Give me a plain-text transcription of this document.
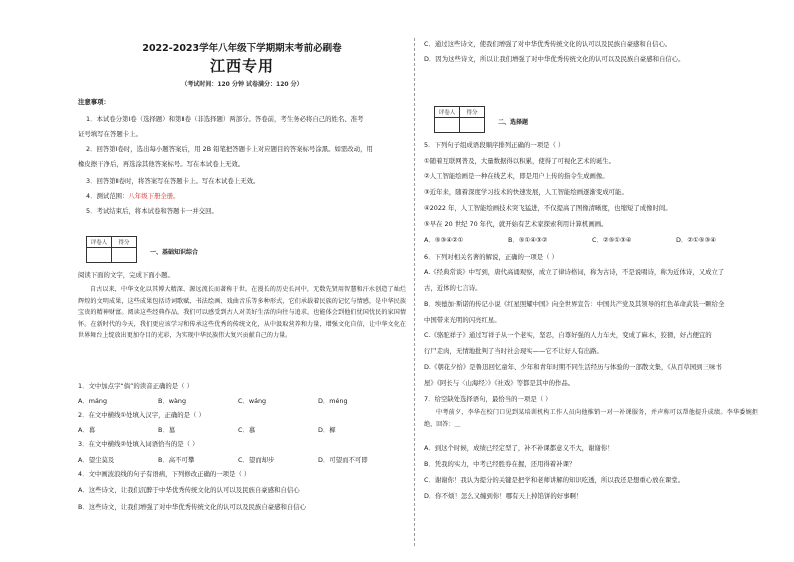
2022-2023学年八年级下学期期末考前必刷卷
江西专用
（考试时间：120 分钟 试卷满分：120 分）
注意事项：
1．本试卷分第Ⅰ卷（选择题）和第Ⅱ卷（非选择题）两部分。答卷前，考生务必将自己的姓名、准考
证号填写在答题卡上。
2．回答第Ⅰ卷时，选出每小题答案后，用 2B 铅笔把答题卡上对应题目的答案标号涂黑。如需改动，用
橡皮擦干净后，再选涂其他答案标号。写在本试卷上无效。
3．回答第Ⅱ卷时，将答案写在答题卡上。写在本试卷上无效。
4．测试范围：八年级下册全册。
5．考试结束后，将本试卷和答题卡一并交回。
评卷人	得分

一、基础知识综合
阅读下面的文字，完成下面小题。
自古以来，中华文化以其博大精深、源远流长而著称于世。在漫长的历史长河中，无数先贤用智慧和汗水创造了灿烂辉煌的文明成果，这些成果包括诗词歌赋、书法绘画、戏曲音乐等多种形式，它们承载着民族的记忆与情感，是中华民族宝贵的精神财富。阅读这些经典作品，我们可以感受到古人对美好生活的向往与追求，也能体会到他们忧国忧民的家国情怀。在新时代的今天，我们更应该学习和传承这些优秀的传统文化，从中汲取营养和力量，增强文化自信，让中华文化在世界舞台上绽放出更加夺目的光彩，为实现中华民族伟大复兴贡献自己的力量。
1．文中加点字“倘”的读音正确的是（ ）
A．máng	B．wàng	C．wáng	D．méng
2．在文中横线①处填入汉字，正确的是（ ）
A．暮	B．墓	C．慕	D．樨
3．在文中横线②处填入词语恰当的是（ ）
A．望尘莫及	B．高不可攀	C．望而却步	D．可望而不可即
4．文中画波浪线的句子有语病，下列修改正确的一项是（ ）
A．这些诗文，让我们沉醉于中华优秀传统文化的认可以及民族自豪感和自信心
B．这些诗文，让我们增强了对中华优秀传统文化的认可以及民族自豪感和自信心
C．通过这些诗文，使我们增强了对中华优秀传统文化的认可以及民族自豪感和自信心。
D．因为这些诗文，所以让我们增强了对中华优秀传统文化的认可以及民族自豪感和自信心。
评卷人	得分

二、选择题
5．下列句子组成语段顺序排列正确的一项是（ ）
①随着互联网普及，大量数据得以积累，使得了可视化艺术的诞生。
②人工智能绘画是一种在线艺术，即是用户上传的指令生成画像。
③近年来，随着深度学习技术的快速发展，人工智能绘画逐渐变成可能。
④2022 年，人工智能绘画技术突飞猛进，不仅提高了图像清晰度，也缩短了成像时间。
⑤早在 20 世纪 70 年代，就开始有艺术家探索利用计算机画画。
A．⑤③④②①	B．⑤①④③②	C．②⑤①③④	D．②①⑤③④
6．下列对相关名著的解说，正确的一项是（ ）
A.《经典常谈》中写到，唐代高诵观察，成立了律诗格词，称为古诗，不是说唱诗，称为近体诗，又成立了
古，近体的七言诗。
B．埃德加·斯诺的传记小说《红星照耀中国》向全世界宣告：中国共产党及其领导的红色革命武装一颗给全
中国带来光明的闪亮红星。
C.《骆驼祥子》通过写祥子从一个老实，坚忍，自尊好强的人力车夫，变成了麻木，狡猾，好占便宜的
行尸走肉，无情地批判了当时社会现实——它不让好人有出路。
D.《朝花夕拾》是鲁迅回忆童年、少年和青年时期不同生活经历与体验的一部散文集，《从百草园到三味书
屋》《阿长与〈山海经〉》《社戏》等都是其中的作品。
7．给空缺处选择语句，最恰当的一项是（ ）
中考前夕，李华在校门口见到某培训机构工作人员向他推销一对一补课服务，并声称可以帮他提升成绩。李华委婉拒绝，回答：＿
A．到这个时候，成绩已经定型了，补不补课都意义不大，谢谢你！
B．凭我的实力，中考已经胜券在握，还用得着补课？
C．谢谢你！我认为提分的关键是把学和老师讲解的知识吃透，所以我还是想重心放在课堂。
D．你不烦！怎么又缠到你！哪有天上掉馅饼的好事啊！
